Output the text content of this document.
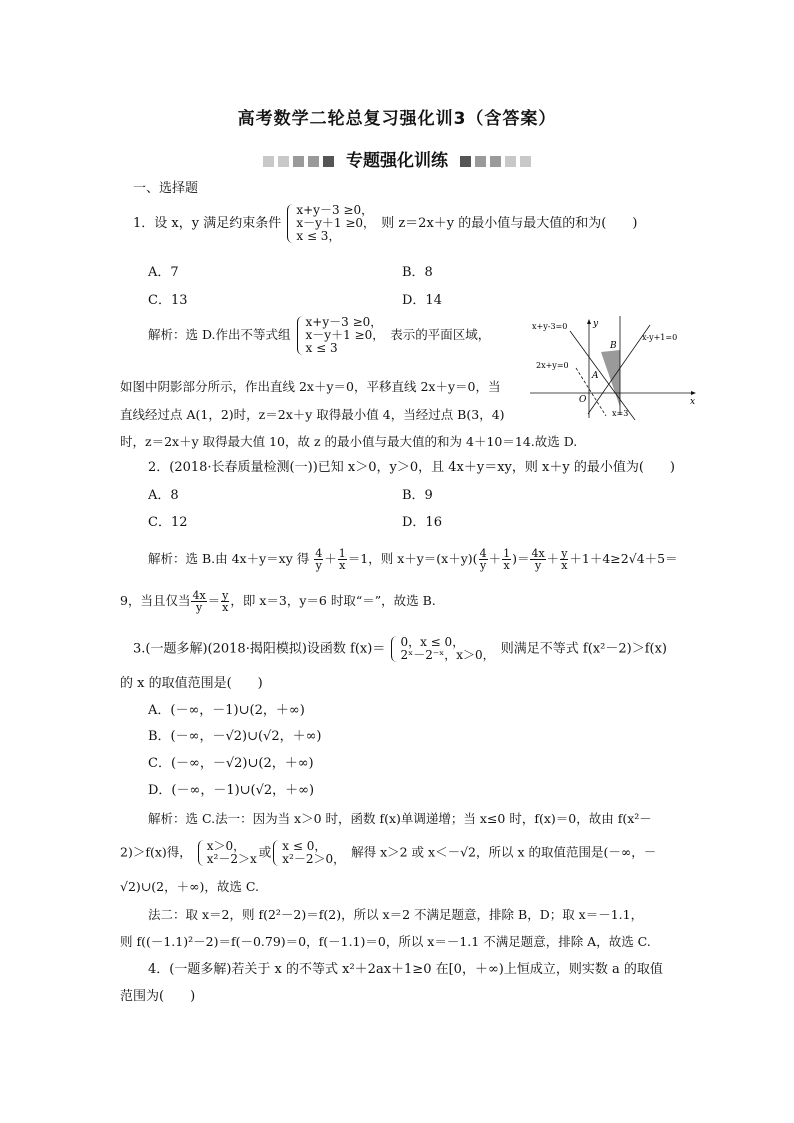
高考数学二轮总复习强化训3（含答案）
专题强化训练
一、选择题
1．设 x，y 满足约束条件 x+y－3 ≥0，
x－y＋1 ≥0，
x ≤ 3， 则 z＝2x＋y 的最小值与最大值的和为(　　)
A．7	B．8
C．13	D．14
解析：选 D.作出不等式组 x+y－3 ≥0，
x－y＋1 ≥0，
x ≤ 3 表示的平面区域，
如图中阴影部分所示，作出直线 2x＋y＝0，平移直线 2x＋y＝0，当
直线经过点 A(1，2)时，z＝2x＋y 取得最小值 4，当经过点 B(3，4)
时，z＝2x＋y 取得最大值 10，故 z 的最小值与最大值的和为 4＋10＝14.故选 D.
x+y-3=0
x-y+1=0
2x+y=0
x=3
A
B
O	x
y
2．(2018·长春质量检测(一))已知 x＞0，y＞0，且 4x＋y＝xy，则 x＋y 的最小值为(　　)
A．8	B．9
C．12	D．16
解析：选 B.由 4x＋y＝xy 得 $\frac{4}{y} + \frac{1}{x} =1$，则 $x+y=(x+y)( \frac{4}{y} + \frac{1}{x}$ )＝ $\frac{4x}{y} + \frac{y}{x} +1+4\ge 2√4+5=$
9，当且仅当 $\frac{4x}{y} = \frac{y}{x}$ ，即 x＝3，y＝6 时取“＝”，故选 B.
3.(一题多解)(2018·揭阳模拟)设函数 f(x)＝ 0，x ≤ 0，
2ˣ－2⁻ˣ，x＞0， 则满足不等式 f(x²－2)＞f(x)
的 x 的取值范围是(　　)
A．(－∞，－1)∪(2，＋∞)
B．(－∞，－√2)∪(√2，＋∞)
C．(－∞，－√2)∪(2，＋∞)
D．(－∞，－1)∪(√2，＋∞)
解析：选 C.法一：因为当 x＞0 时，函数 f(x)单调递增；当 x≤0 时，f(x)＝0，故由 f(x²－
2)＞f(x)得， x＞0，
x²－2＞x 或 x ≤ 0，
x²－2＞0， 解得 x＞2 或 x＜－√2，所以 x 的取值范围是(－∞，－
√2)∪(2，＋∞)，故选 C.
法二：取 x＝2，则 f(2²－2)＝f(2)，所以 x＝2 不满足题意，排除 B，D；取 x＝－1.1，
则 f((－1.1)²－2)＝f(－0.79)＝0，f(－1.1)＝0，所以 x＝－1.1 不满足题意，排除 A，故选 C.
4．(一题多解)若关于 x 的不等式 x²＋2ax＋1≥0 在[0，＋∞)上恒成立，则实数 a 的取值
范围为(　　)
